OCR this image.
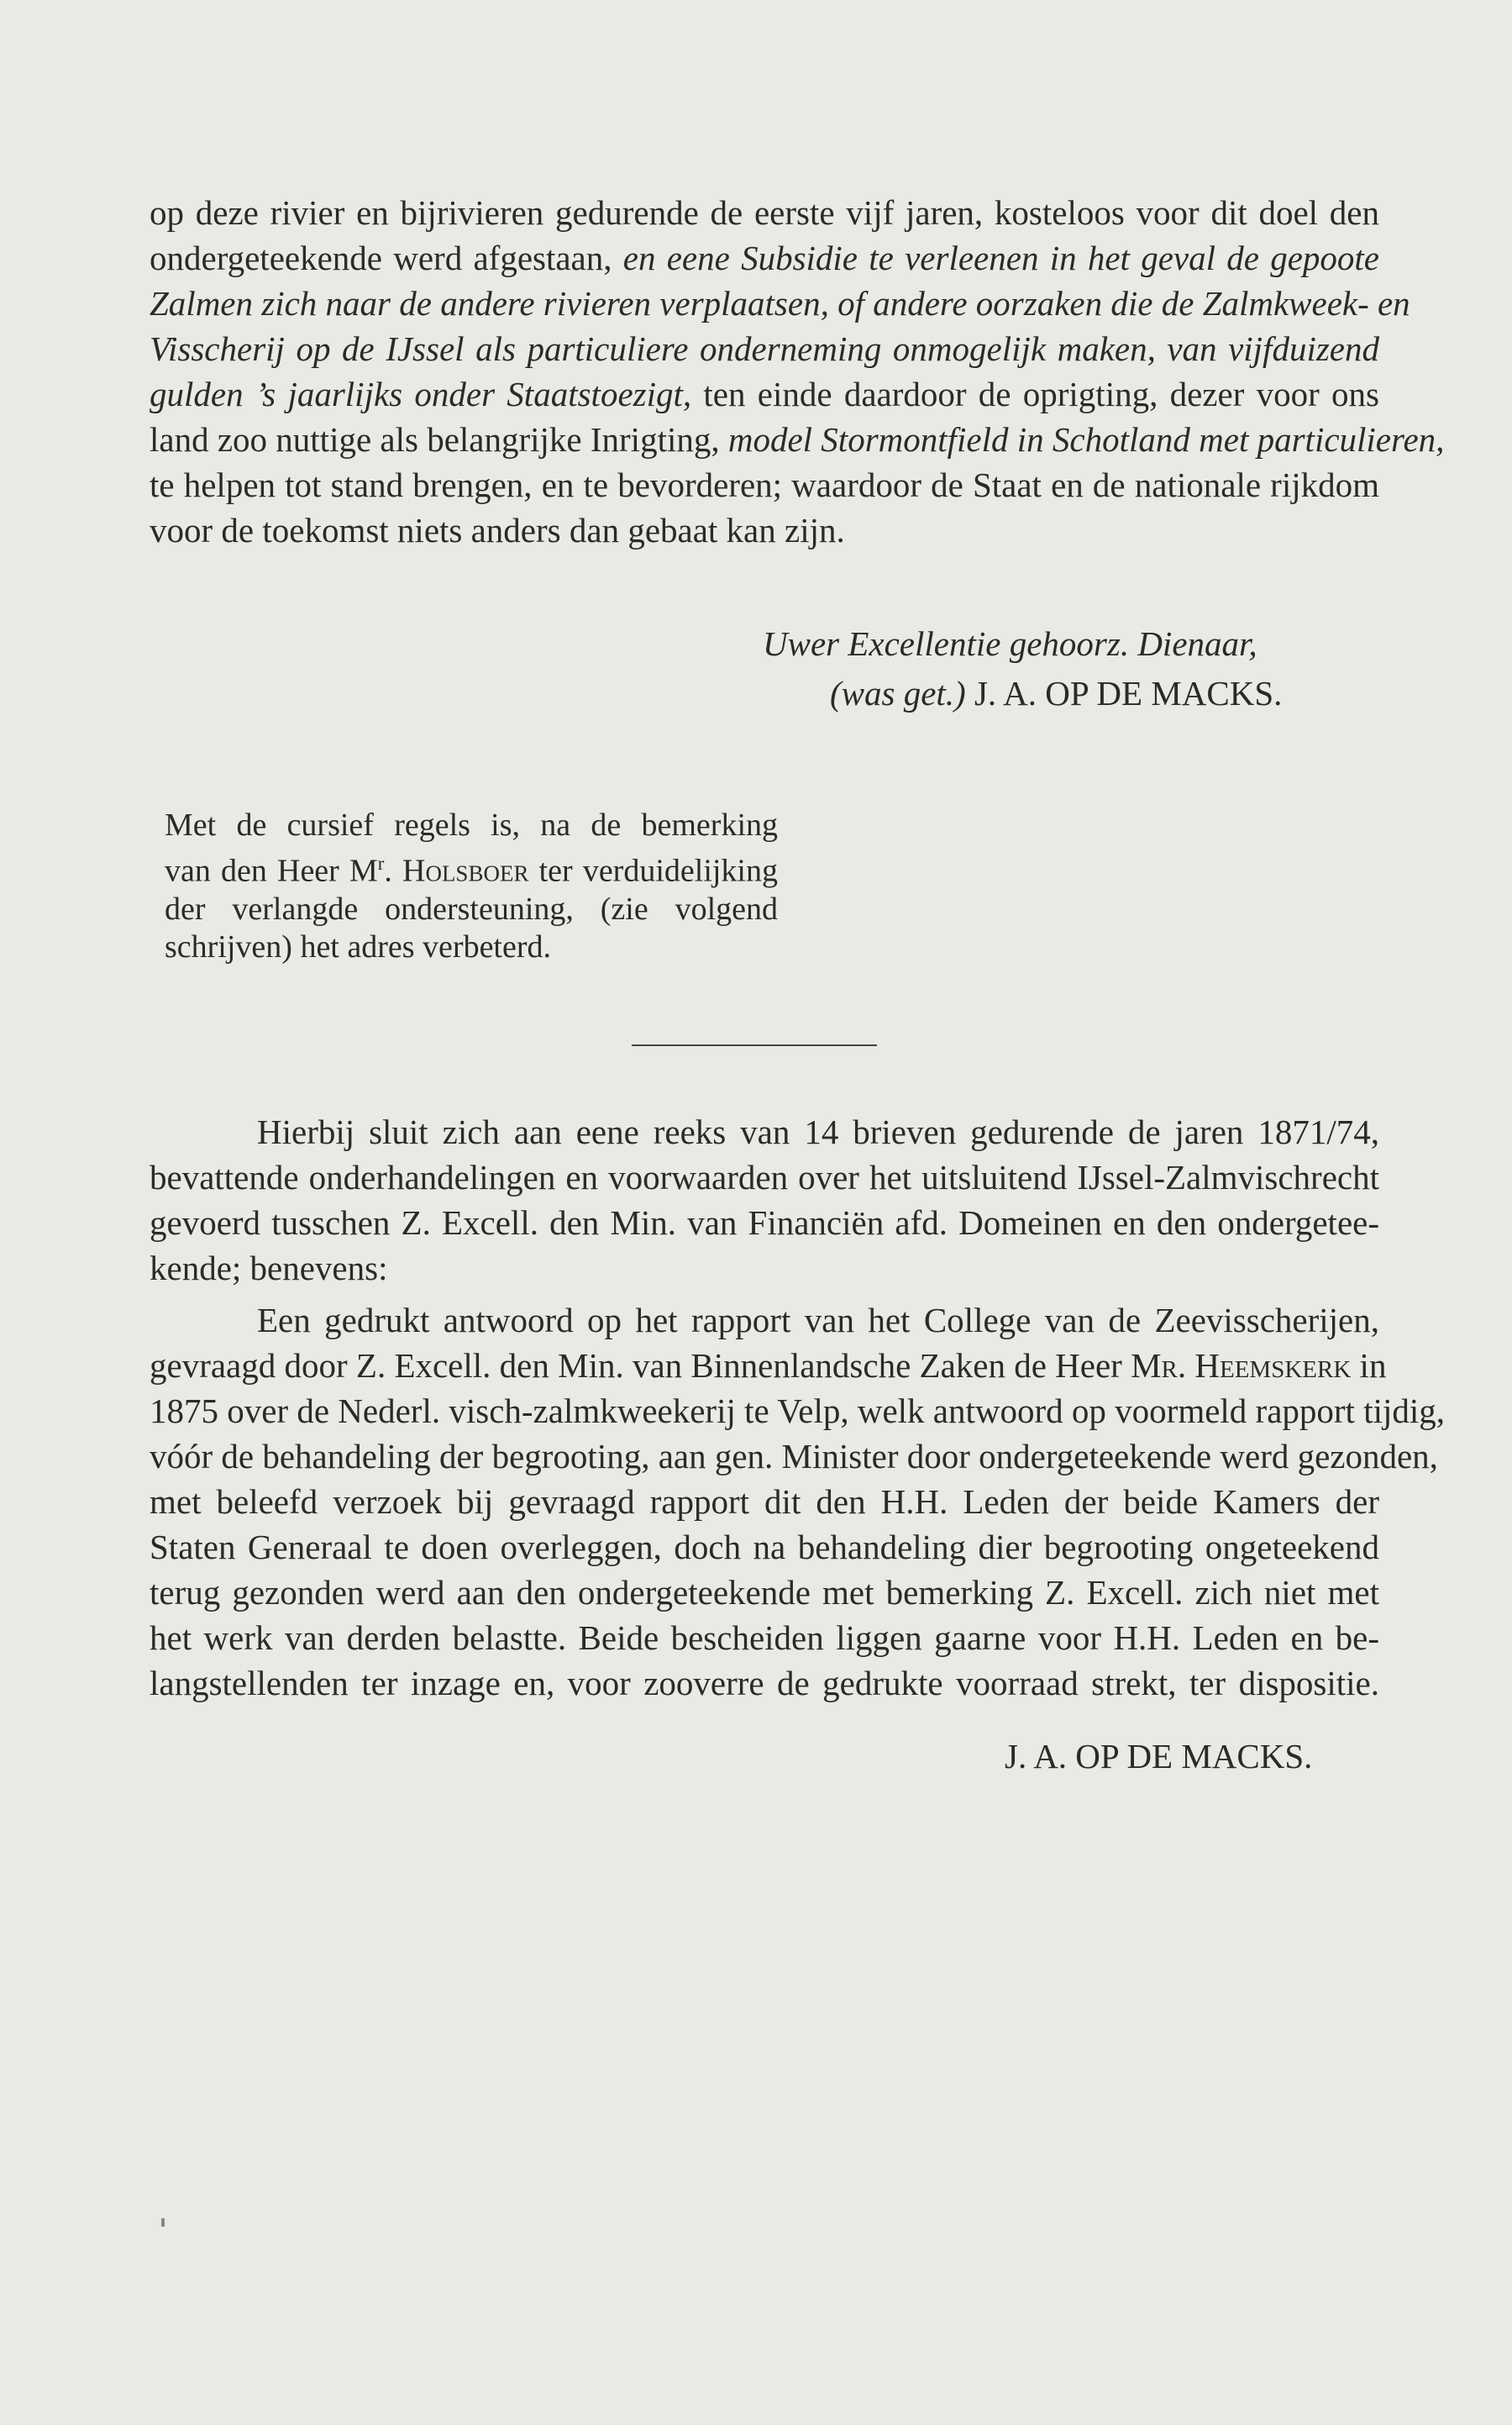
op deze rivier en bijrivieren gedurende de eerste vijf jaren, kosteloos voor dit doel den
ondergeteekende werd afgestaan, en eene Subsidie te verleenen in het geval de gepoote
Zalmen zich naar de andere rivieren verplaatsen, of andere oorzaken die de Zalmkweek- en
Visscherij op de IJssel als particuliere onderneming onmogelijk maken, van vijfduizend
gulden ’s jaarlijks onder Staatstoezigt, ten einde daardoor de oprigting, dezer voor ons
land zoo nuttige als belangrijke Inrigting, model Stormontfield in Schotland met particulieren,
te helpen tot stand brengen, en te bevorderen; waardoor de Staat en de nationale rijkdom
voor de toekomst niets anders dan gebaat kan zijn.
Uwer Excellentie gehoorz. Dienaar,
(was get.) J. A. OP DE MACKS.
Met de cursief regels is, na de bemerking
van den Heer $M^r$. Holsboer ter verduidelijking
der verlangde ondersteuning, (zie volgend
schrijven) het adres verbeterd.
Hierbij sluit zich aan eene reeks van 14 brieven gedurende de jaren 1871/74,
bevattende onderhandelingen en voorwaarden over het uitsluitend IJssel-Zalmvischrecht
gevoerd tusschen Z. Excell. den Min. van Financiën afd. Domeinen en den ondergetee-
kende; benevens:
Een gedrukt antwoord op het rapport van het College van de Zeevisscherijen,
gevraagd door Z. Excell. den Min. van Binnenlandsche Zaken de Heer Mr. Heemskerk in
1875 over de Nederl. visch-zalmkweekerij te Velp, welk antwoord op voormeld rapport tijdig,
vóór de behandeling der begrooting, aan gen. Minister door ondergeteekende werd gezonden,
met beleefd verzoek bij gevraagd rapport dit den H.H. Leden der beide Kamers der
Staten Generaal te doen overleggen, doch na behandeling dier begrooting ongeteekend
terug gezonden werd aan den ondergeteekende met bemerking Z. Excell. zich niet met
het werk van derden belastte. Beide bescheiden liggen gaarne voor H.H. Leden en be-
langstellenden ter inzage en, voor zooverre de gedrukte voorraad strekt, ter dispositie.
J. A. OP DE MACKS.
